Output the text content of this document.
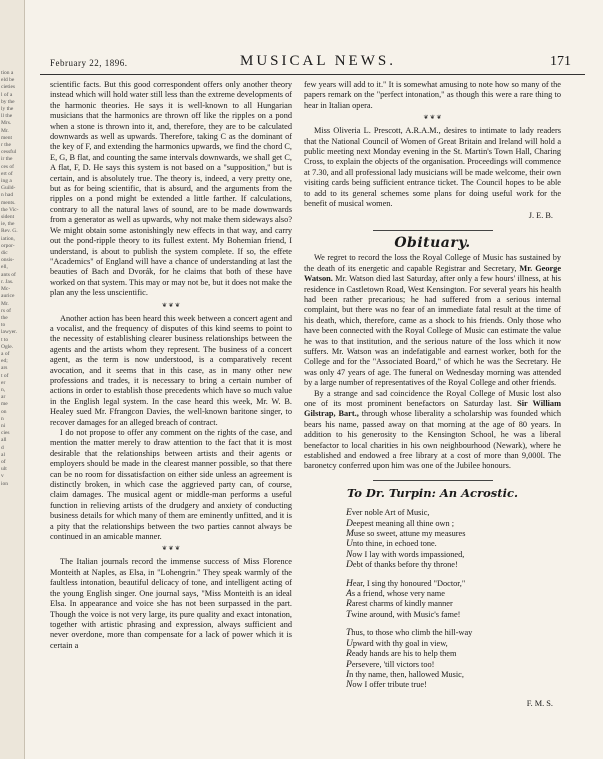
tion a
eld be
cieties
l of a
by the
ly the
ll the
Mrs.
Mr.
ment
r the
cessful
ir the
ces of
ert of
ing a
Guild-
n had
ments.
the Vic-
sident
ie, the
Rev. G.
iation,
orpor-
dic
onsis-
ell,
ants of
r. Jas.
Mc-
aurice
Mr.
rs of
the
to
lawyer.
t to
Ogle.
a of
ed;
ars
t of
er
n,
ar
me
on
n
ni
cies
all
d
al
of
ult
v
ion
February 22, 1896.	MUSICAL NEWS.	171

scientific facts. But this good correspondent offers only another theory instead which will hold water still less than the extreme developments of the harmonic theories. He says it is well-known to all Hungarian musicians that the harmonics are thrown off like the ripples on a pond when a stone is thrown into it, and, therefore, they are to be calculated downwards as well as upwards. Therefore, taking C as the dominant of the key of F, and extending the harmonics upwards, we find the chord C, E, G, B flat, and counting the same intervals downwards, we shall get C, A flat, F, D. He says this system is not based on a "supposition," but is certain, and is absolutely true. The theory is, indeed, a very pretty one, but as for being scientific, that is absurd, and the arguments from the ripples on a pond might be extended a little farther. If calculations, contrary to all the natural laws of sound, are to be made downwards from a generator as well as upwards, why not make them sideways also? We might obtain some astonishingly new effects in that way, and carry out the pond-ripple theory to its fullest extent. My Bohemian friend, I understand, is about to publish the system complete. If so, the effete "Academics" of England will have a chance of understanding at last the beauties of Bach and Dvorák, for he claims that both of these have worked on that system. This may or may not be, but it does not make the plan any the less unscientific.

❦ ❦ ❦

Another action has been heard this week between a concert agent and a vocalist, and the frequency of disputes of this kind seems to point to the necessity of establishing clearer business relationships between the agents and the artists whom they represent. The business of a concert agent, as the term is now understood, is a comparatively recent avocation, and it seems that in this case, as in many other new professions and trades, it is necessary to bring a certain number of actions in order to establish those precedents which have so much value in the English legal system. In the case heard this week, Mr. W. B. Healey sued Mr. Ffrangcon Davies, the well-known baritone singer, to recover damages for an alleged breach of contract.

I do not propose to offer any comment on the rights of the case, and mention the matter merely to draw attention to the fact that it is most desirable that the relationships between artists and their agents or employers should be made in the clearest manner possible, so that there can be no room for dissatisfaction on either side unless an agreement is distinctly broken, in which case the aggrieved party can, of course, claim damages. The musical agent or middle-man performs a useful function in relieving artists of the drudgery and anxiety of conducting business details for which many of them are eminently unfitted, and it is a pity that the relationships between the two parties cannot always be continued in an amicable manner.

❦ ❦ ❦

The Italian journals record the immense success of Miss Florence Monteith at Naples, as Elsa, in "Lohengrin." They speak warmly of the faultless intonation, beautiful delicacy of tone, and intelligent acting of the young English singer. One journal says, "Miss Monteith is an ideal Elsa. In appearance and voice she has not been surpassed in the part. Though the voice is not very large, its pure quality and exact intonation, together with artistic phrasing and expression, always sufficient and never overdone, more than compensate for a lack of power which it is certain a

few years will add to it." It is somewhat amusing to note how so many of the papers remark on the "perfect intonation," as though this were a rare thing to hear in Italian opera.

❦ ❦ ❦

Miss Oliveria L. Prescott, A.R.A.M., desires to intimate to lady readers that the National Council of Women of Great Britain and Ireland will hold a public meeting next Monday evening in the St. Martin's Town Hall, Charing Cross, to explain the objects of the organisation. Proceedings will commence at 7.30, and all professional lady musicians will be made welcome, their own visiting cards being sufficient entrance ticket. The Council hopes to be able to add to its general schemes some plans for doing useful work for the benefit of musical women.

J. E. B.
Obituary.

We regret to record the loss the Royal College of Music has sustained by the death of its energetic and capable Registrar and Secretary, Mr. George Watson. Mr. Watson died last Saturday, after only a few hours' illness, at his residence in Castletown Road, West Kensington. For several years his health had been rather precarious; he had suffered from a serious internal complaint, but there was no fear of an immediate fatal result at the time of his death, which, therefore, came as a shock to his friends. Only those who have been connected with the Royal College of Music can estimate the value he was to that institution, and the serious nature of the loss which it now suffers. Mr. Watson was an indefatigable and earnest worker, both for the College and for the "Associated Board," of which he was the Secretary. He was only 47 years of age. The funeral on Wednesday morning was attended by a large number of representatives of the Royal College and other friends.

By a strange and sad coincidence the Royal College of Music lost also one of its most prominent benefactors on Saturday last. Sir William Gilstrap, Bart., through whose liberality a scholarship was founded which bears his name, passed away on that morning at the age of 80 years. In addition to his generosity to the Kensington School, he was a liberal benefactor to local charities in his own neighbourhood (Newark), where he established and endowed a free library at a cost of more than 9,000l. The baronetcy conferred upon him was one of the Jubilee honours.

To Dr. Turpin: An Acrostic.
Ever noble Art of Music,
Deepest meaning all thine own ;
Muse so sweet, attune my measures
Unto thine, in echoed tone.
Now I lay with words impassioned,
Debt of thanks before thy throne!
Hear, I sing thy honoured "Doctor,"
As a friend, whose very name
Rarest charms of kindly manner
Twine around, with Music's fame!
Thus, to those who climb the hill-way
Upward with thy goal in view,
Ready hands are his to help them
Persevere, 'till victors too!
In thy name, then, hallowed Music,
Now I offer tribute true!
F. M. S.
